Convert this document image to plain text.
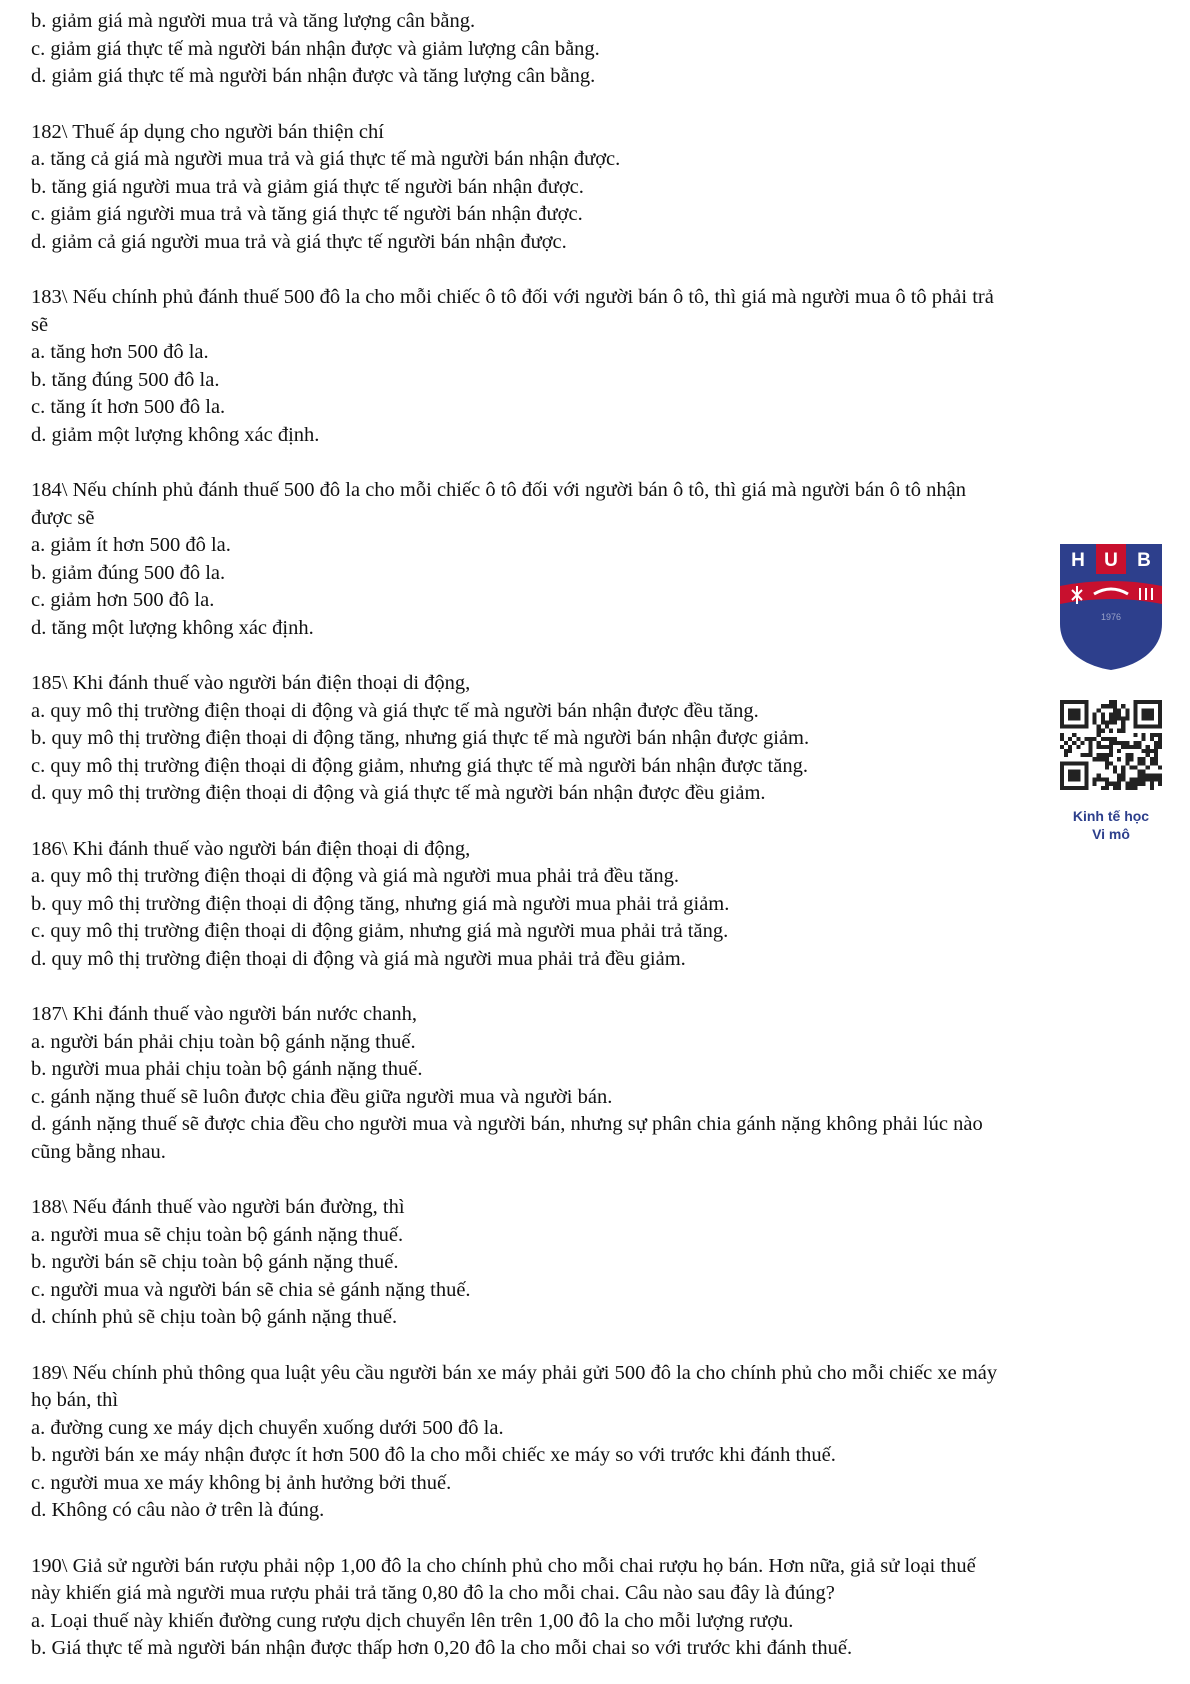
b. giảm giá mà người mua trả và tăng lượng cân bằng.
c. giảm giá thực tế mà người bán nhận được và giảm lượng cân bằng.
d. giảm giá thực tế mà người bán nhận được và tăng lượng cân bằng.
182\ Thuế áp dụng cho người bán thiện chí
a. tăng cả giá mà người mua trả và giá thực tế mà người bán nhận được.
b. tăng giá người mua trả và giảm giá thực tế người bán nhận được.
c. giảm giá người mua trả và tăng giá thực tế người bán nhận được.
d. giảm cả giá người mua trả và giá thực tế người bán nhận được.
183\ Nếu chính phủ đánh thuế 500 đô la cho mỗi chiếc ô tô đối với người bán ô tô, thì giá mà người mua ô tô phải trả
sẽ
a. tăng hơn 500 đô la.
b. tăng đúng 500 đô la.
c. tăng ít hơn 500 đô la.
d. giảm một lượng không xác định.
184\ Nếu chính phủ đánh thuế 500 đô la cho mỗi chiếc ô tô đối với người bán ô tô, thì giá mà người bán ô tô nhận
được sẽ
a. giảm ít hơn 500 đô la.
b. giảm đúng 500 đô la.
c. giảm hơn 500 đô la.
d. tăng một lượng không xác định.
185\ Khi đánh thuế vào người bán điện thoại di động,
a. quy mô thị trường điện thoại di động và giá thực tế mà người bán nhận được đều tăng.
b. quy mô thị trường điện thoại di động tăng, nhưng giá thực tế mà người bán nhận được giảm.
c. quy mô thị trường điện thoại di động giảm, nhưng giá thực tế mà người bán nhận được tăng.
d. quy mô thị trường điện thoại di động và giá thực tế mà người bán nhận được đều giảm.
186\ Khi đánh thuế vào người bán điện thoại di động,
a. quy mô thị trường điện thoại di động và giá mà người mua phải trả đều tăng.
b. quy mô thị trường điện thoại di động tăng, nhưng giá mà người mua phải trả giảm.
c. quy mô thị trường điện thoại di động giảm, nhưng giá mà người mua phải trả tăng.
d. quy mô thị trường điện thoại di động và giá mà người mua phải trả đều giảm.
187\ Khi đánh thuế vào người bán nước chanh,
a. người bán phải chịu toàn bộ gánh nặng thuế.
b. người mua phải chịu toàn bộ gánh nặng thuế.
c. gánh nặng thuế sẽ luôn được chia đều giữa người mua và người bán.
d. gánh nặng thuế sẽ được chia đều cho người mua và người bán, nhưng sự phân chia gánh nặng không phải lúc nào
cũng bằng nhau.
188\ Nếu đánh thuế vào người bán đường, thì
a. người mua sẽ chịu toàn bộ gánh nặng thuế.
b. người bán sẽ chịu toàn bộ gánh nặng thuế.
c. người mua và người bán sẽ chia sẻ gánh nặng thuế.
d. chính phủ sẽ chịu toàn bộ gánh nặng thuế.
189\ Nếu chính phủ thông qua luật yêu cầu người bán xe máy phải gửi 500 đô la cho chính phủ cho mỗi chiếc xe máy
họ bán, thì
a. đường cung xe máy dịch chuyển xuống dưới 500 đô la.
b. người bán xe máy nhận được ít hơn 500 đô la cho mỗi chiếc xe máy so với trước khi đánh thuế.
c. người mua xe máy không bị ảnh hưởng bởi thuế.
d. Không có câu nào ở trên là đúng.
190\ Giả sử người bán rượu phải nộp 1,00 đô la cho chính phủ cho mỗi chai rượu họ bán. Hơn nữa, giả sử loại thuế
này khiến giá mà người mua rượu phải trả tăng 0,80 đô la cho mỗi chai. Câu nào sau đây là đúng?
a. Loại thuế này khiến đường cung rượu dịch chuyển lên trên 1,00 đô la cho mỗi lượng rượu.
b. Giá thực tế mà người bán nhận được thấp hơn 0,20 đô la cho mỗi chai so với trước khi đánh thuế.
H U B
1976
Kinh tế học
Vi mô
